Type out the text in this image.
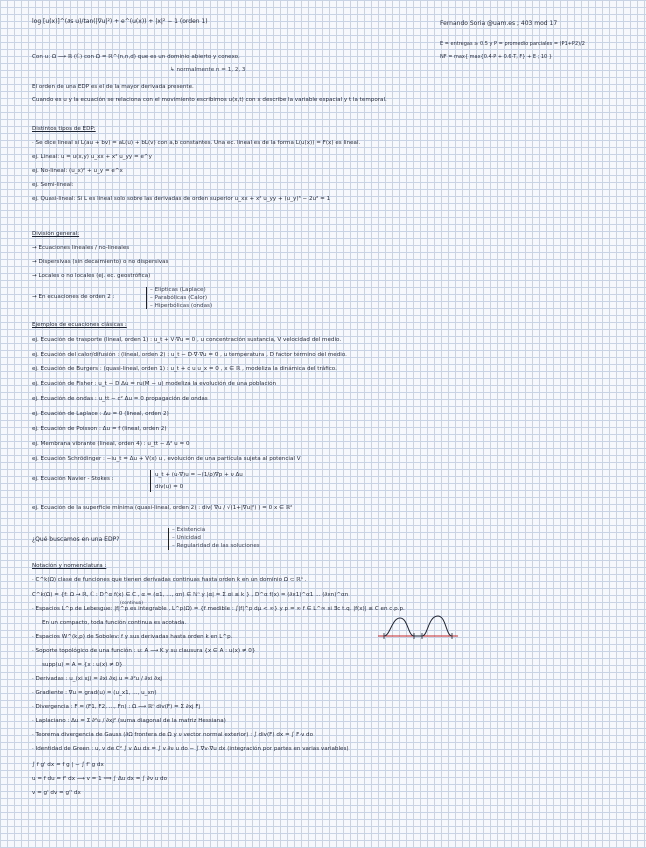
log [u(x)]^(∂s u)/tan(|∇u|²) + e^(u(x)) + |x|² − 1 (orden 1)	Fernando Soria @uam.es ; 403 mod 17
E = entregas ≥ 0.5 y P = promedio parciales = (P1+P2)/2
NF = max{ max{0.4·P + 0.6·T, F} + E ; 10 }
Con u: Ω ⟶ ℝ (ℂ) con Ω = ℝ^(n,n,d) que es un dominio abierto y conexo.
↳ normalmente n = 1, 2, 3
El orden de una EDP es el de la mayor derivada presente.
Cuando es u y la ecuación se relaciona con el movimiento escribimos u(x,t) con x describe la variable espacial y t la temporal.
Distintos tipos de EDP:
· Se dice lineal si L(au + bv) = aL(u) + bL(v) con a,b constantes. Una ec. lineal es de la forma L(u(x)) = F(x) es lineal.
ej. Lineal: u = u(x,y) u_xx + x² u_yy = e^y
ej. No-lineal: (u_x)² + u_y = e^x
ej. Semi-lineal:
ej. Quasi-lineal: Si L es lineal solo sobre las derivadas de orden superior u_xx + x² u_yy + (u_y)³ − 2u² = 1
División general:
→ Ecuaciones lineales / no-lineales
→ Dispersivas (sin decaimiento) o no dispersivas
→ Locales o no locales (ej. ec. geostrófica)
→ En ecuaciones de orden 2 :
– Elípticas (Laplace)
– Parabólicas (Calor)
– Hiperbólicas (ondas)
Ejemplos de ecuaciones clásicas :
ej. Ecuación de trasporte (lineal, orden 1) : u_t + V·∇u = 0 , u concentración sustancia, V velocidad del medio.
ej. Ecuación del calor/difusión : (lineal, orden 2) : u_t − D·∇·∇u = 0 , u temperatura , D factor término del medio.
ej. Ecuación de Burgers : (quasi-lineal, orden 1) : u_t + c u u_x = 0 , x ∈ ℝ , modeliza la dinámica del tráfico.
ej. Ecuación de Fisher : u_t − D Δu = ru(M − u) modeliza la evolución de una población
ej. Ecuación de ondas : u_tt − c² Δu = 0 propagación de ondas
ej. Ecuación de Laplace : Δu = 0 (lineal, orden 2)
ej. Ecuación de Poisson : Δu = f (lineal, orden 2)
ej. Membrana vibrante (lineal, orden 4) : u_tt − Δ² u = 0
ej. Ecuación Schrödinger : −iu_t = Δu + V(x) u , evolución de una partícula sujeta al potencial V
ej. Ecuación Navier - Stokes :
u_t + (u·∇)u = −(1/ρ)∇p + ν Δu
div(u) = 0
ej. Ecuación de la superficie mínima (quasi-lineal, orden 2) : div( ∇u / √(1+|∇u|²) ) = 0 x ∈ ℝ²
¿Qué buscamos en una EDP?
– Existencia
– Unicidad
– Regularidad de las soluciones
Notación y nomenclatura :
· C^k(Ω) clase de funciones que tienen derivadas continuas hasta orden k en un dominio Ω ⊂ ℝⁿ .
C^k(Ω) = {f: Ω → ℝ, ℂ : D^α f(x) ∈ C , α = (α1, ..., αn) ∈ ℕⁿ y |α| = Σ αi ≤ k } , D^α f(x) = (∂x1)^α1 ... (∂xn)^αn
(continua)
· Espacios L^p de Lebesgue: |f|^p es integrable , L^p(Ω) = {f medible : ∫|f|^p dμ < ∞} y p = ∞ f ∈ L^∞ si ∃c t.q. |f(x)| ≤ C en c.p.p.
En un compacto, toda función continua es acotada.
· Espacios W^(k,p) de Sobolev: f y sus derivadas hasta orden k en L^p.
· Soporte topológico de una función : u: A ⟶ K y su clausura {x ∈ A : u(x) ≠ 0}
supp(u) = A = {x : u(x) ≠ 0}
· Derivadas : u_(xi xj) = ∂xi ∂xj u = ∂²u / ∂xi ∂xj
· Gradiente : ∇u = grad(u) = (u_x1, ..., u_xn)
· Divergencia : F = (F1, F2, ..., Fn) : Ω ⟶ ℝⁿ div(F) = Σ ∂xj Fj
· Laplaciano : Δu = Σ ∂²u / ∂xj² (suma diagonal de la matriz Hessiana)
· Teorema divergencia de Gauss (∂Ω frontera de Ω y ν vector normal exterior) : ∫ div(F) dx = ∫ F·ν do
· Identidad de Green : u, v de C² ∫ v Δu dx = ∫ v ∂ν u do − ∫ ∇v·∇u dx (integración por partes en varias variables)
∫ f g' dx = f g | − ∫ f' g dx
u = f du = f' dx ⟶ v = 1 ⟹ ∫ Δu dx = ∫ ∂ν u do
v = g' dv = g'' dx
